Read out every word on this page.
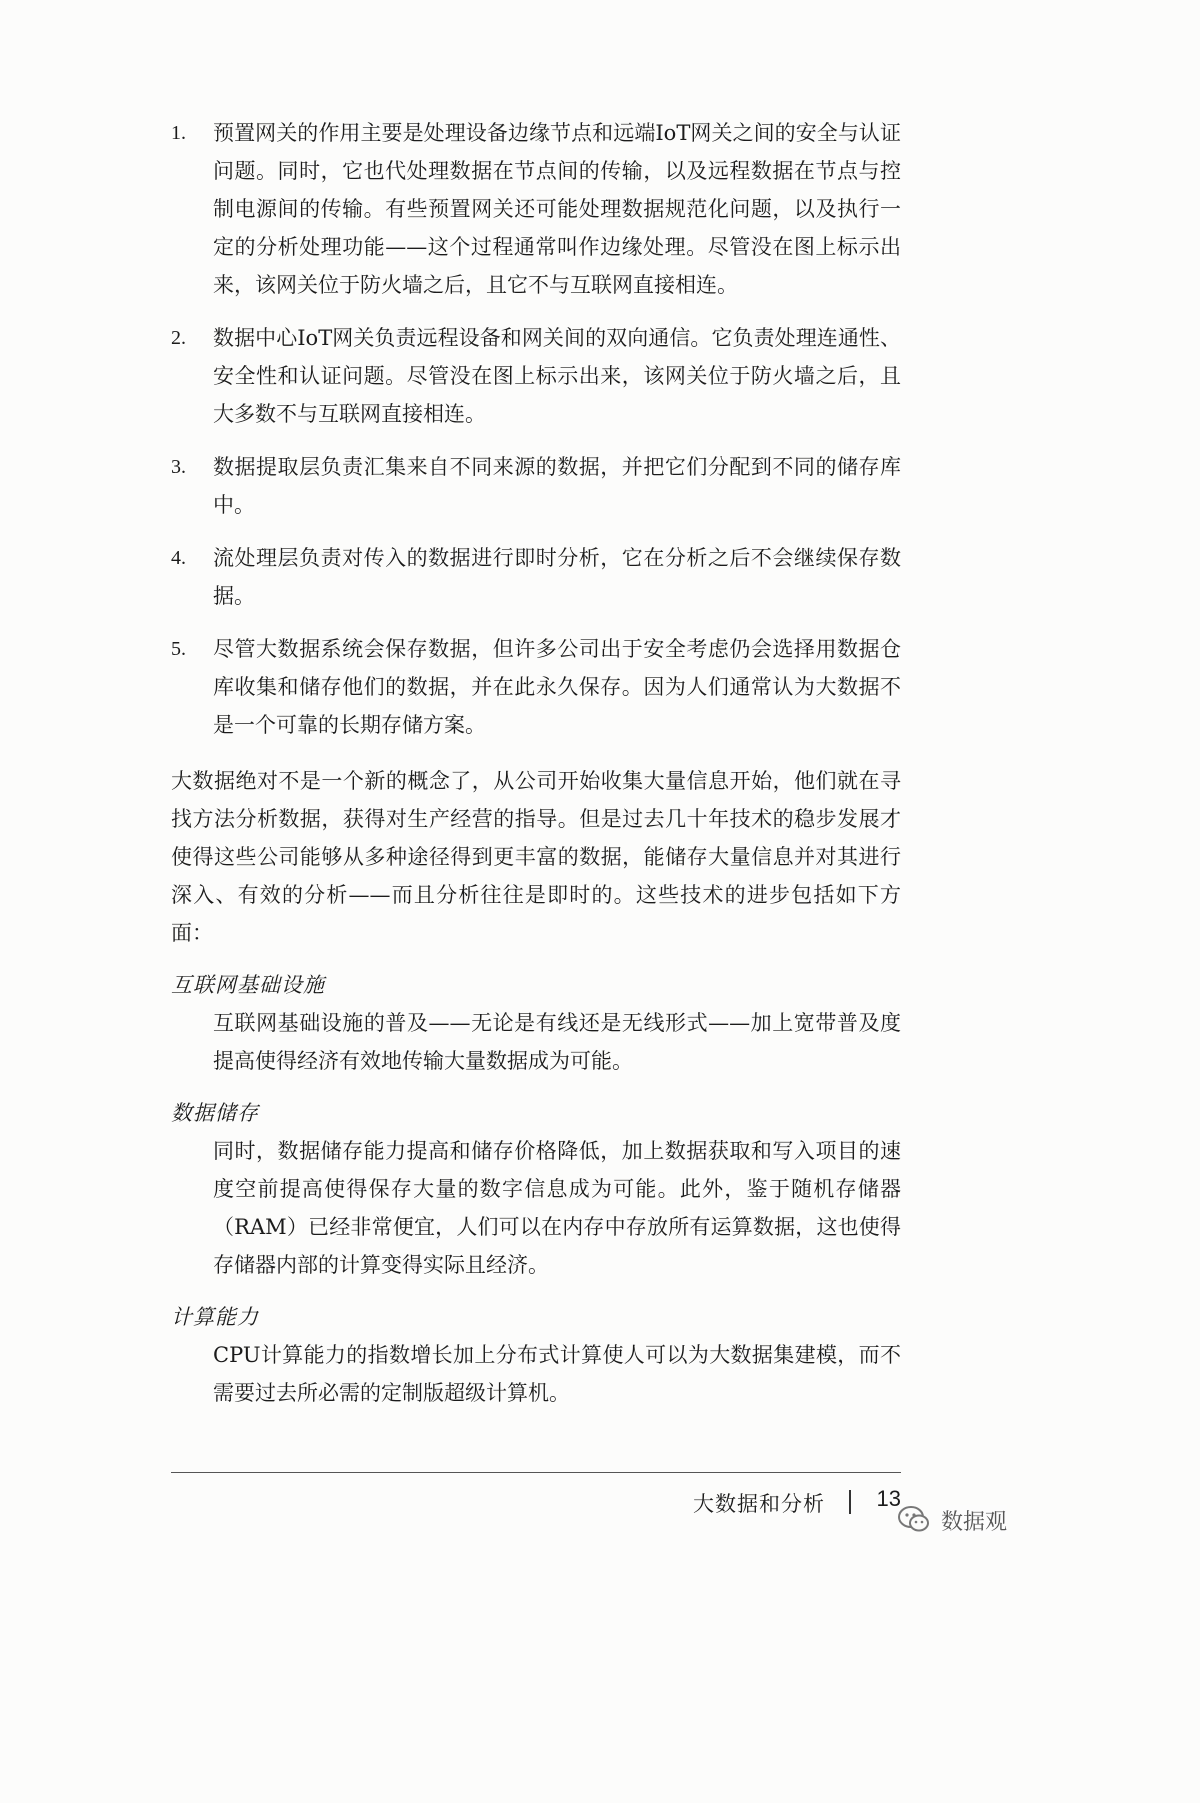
1. 预置网关的作用主要是处理设备边缘节点和远端IoT网关之间的安全与认证问题。同时，它也代处理数据在节点间的传输，以及远程数据在节点与控制电源间的传输。有些预置网关还可能处理数据规范化问题，以及执行一定的分析处理功能——这个过程通常叫作边缘处理。尽管没在图上标示出来，该网关位于防火墙之后，且它不与互联网直接相连。
2. 数据中心IoT网关负责远程设备和网关间的双向通信。它负责处理连通性、安全性和认证问题。尽管没在图上标示出来，该网关位于防火墙之后，且大多数不与互联网直接相连。
3. 数据提取层负责汇集来自不同来源的数据，并把它们分配到不同的储存库中。
4. 流处理层负责对传入的数据进行即时分析，它在分析之后不会继续保存数据。
5. 尽管大数据系统会保存数据，但许多公司出于安全考虑仍会选择用数据仓库收集和储存他们的数据，并在此永久保存。因为人们通常认为大数据不是一个可靠的长期存储方案。

大数据绝对不是一个新的概念了，从公司开始收集大量信息开始，他们就在寻找方法分析数据，获得对生产经营的指导。但是过去几十年技术的稳步发展才使得这些公司能够从多种途径得到更丰富的数据，能储存大量信息并对其进行深入、有效的分析——而且分析往往是即时的。这些技术的进步包括如下方面：

互联网基础设施

互联网基础设施的普及——无论是有线还是无线形式——加上宽带普及度提高使得经济有效地传输大量数据成为可能。

数据储存

同时，数据储存能力提高和储存价格降低，加上数据获取和写入项目的速度空前提高使得保存大量的数字信息成为可能。此外，鉴于随机存储器（RAM）已经非常便宜，人们可以在内存中存放所有运算数据，这也使得存储器内部的计算变得实际且经济。

计算能力

CPU计算能力的指数增长加上分布式计算使人可以为大数据集建模，而不需要过去所必需的定制版超级计算机。

大数据和分析 13
数据观
